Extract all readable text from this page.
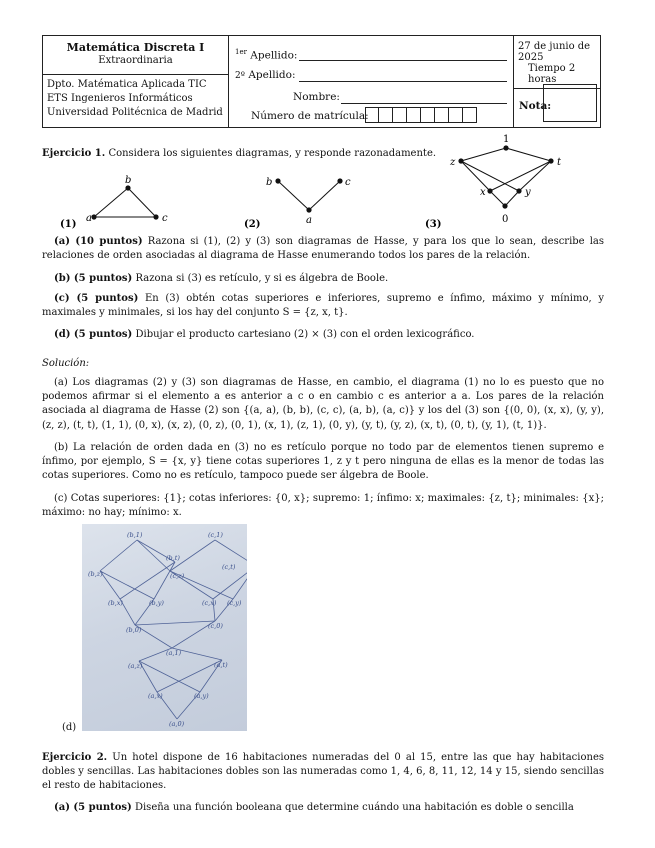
Matemática Discreta I
Extraordinaria
Dpto. Matématica Aplicada TIC
ETS Ingenieros Informáticos
Universidad Politécnica de Madrid
$^{1er}$ Apellido:
2º Apellido:
Nombre:
Número de matrícula:
27 de junio de 2025
Tiempo 2 horas
Nota:
Ejercicio 1. Considera los siguientes diagramas, y responde razonadamente.
a
b
c
b	c
a
1
z	t
x	y
0
(1)	(2)	(3)
(a) (10 puntos) Razona si (1), (2) y (3) son diagramas de Hasse, y para los que lo sean, describe las relaciones de orden asociadas al diagrama de Hasse enumerando todos los pares de la relación.
(b) (5 puntos) Razona si (3) es retículo, y si es álgebra de Boole.
(c) (5 puntos) En (3) obtén cotas superiores e inferiores, supremo e ínfimo, máximo y mínimo, y maximales y minimales, si los hay del conjunto S = {z, x, t}.
(d) (5 puntos) Dibujar el producto cartesiano (2) × (3) con el orden lexicográfico.
Solución:
(a) Los diagramas (2) y (3) son diagramas de Hasse, en cambio, el diagrama (1) no lo es puesto que no podemos afirmar si el elemento a es anterior a c o en cambio c es anterior a a. Los pares de la relación asociada al diagrama de Hasse (2) son {(a, a), (b, b), (c, c), (a, b), (a, c)} y los del (3) son {(0, 0), (x, x), (y, y), (z, z), (t, t), (1, 1), (0, x), (x, z), (0, z), (0, 1), (x, 1), (z, 1), (0, y), (y, t), (y, z), (x, t), (0, t), (y, 1), (t, 1)}.
(b) La relación de orden dada en (3) no es retículo porque no todo par de elementos tienen supremo e ínfimo, por ejemplo, S = {x, y} tiene cotas superiores 1, z y t pero ninguna de ellas es la menor de todas las cotas superiores. Como no es retículo, tampoco puede ser álgebra de Boole.
(c) Cotas superiores: {1}; cotas inferiores: {0, x}; supremo: 1; ínfimo: x; maximales: {z, t}; minimales: {x}; máximo: no hay; mínimo: x.
(b,1)	(c,1)
(b,z)
(b,t)
(c,z)
(c,t)
(b,x)	(b,y)	(c,x) (c,y)
(b,0)	(c,0)
(a,1)
(a,z)	(a,t)
(a,x)	(a,y)
(a,0)
(d)
Ejercicio 2. Un hotel dispone de 16 habitaciones numeradas del 0 al 15, entre las que hay habitaciones dobles y sencillas. Las habitaciones dobles son las numeradas como 1, 4, 6, 8, 11, 12, 14 y 15, siendo sencillas el resto de habitaciones.
(a) (5 puntos) Diseña una función booleana que determine cuándo una habitación es doble o sencilla
